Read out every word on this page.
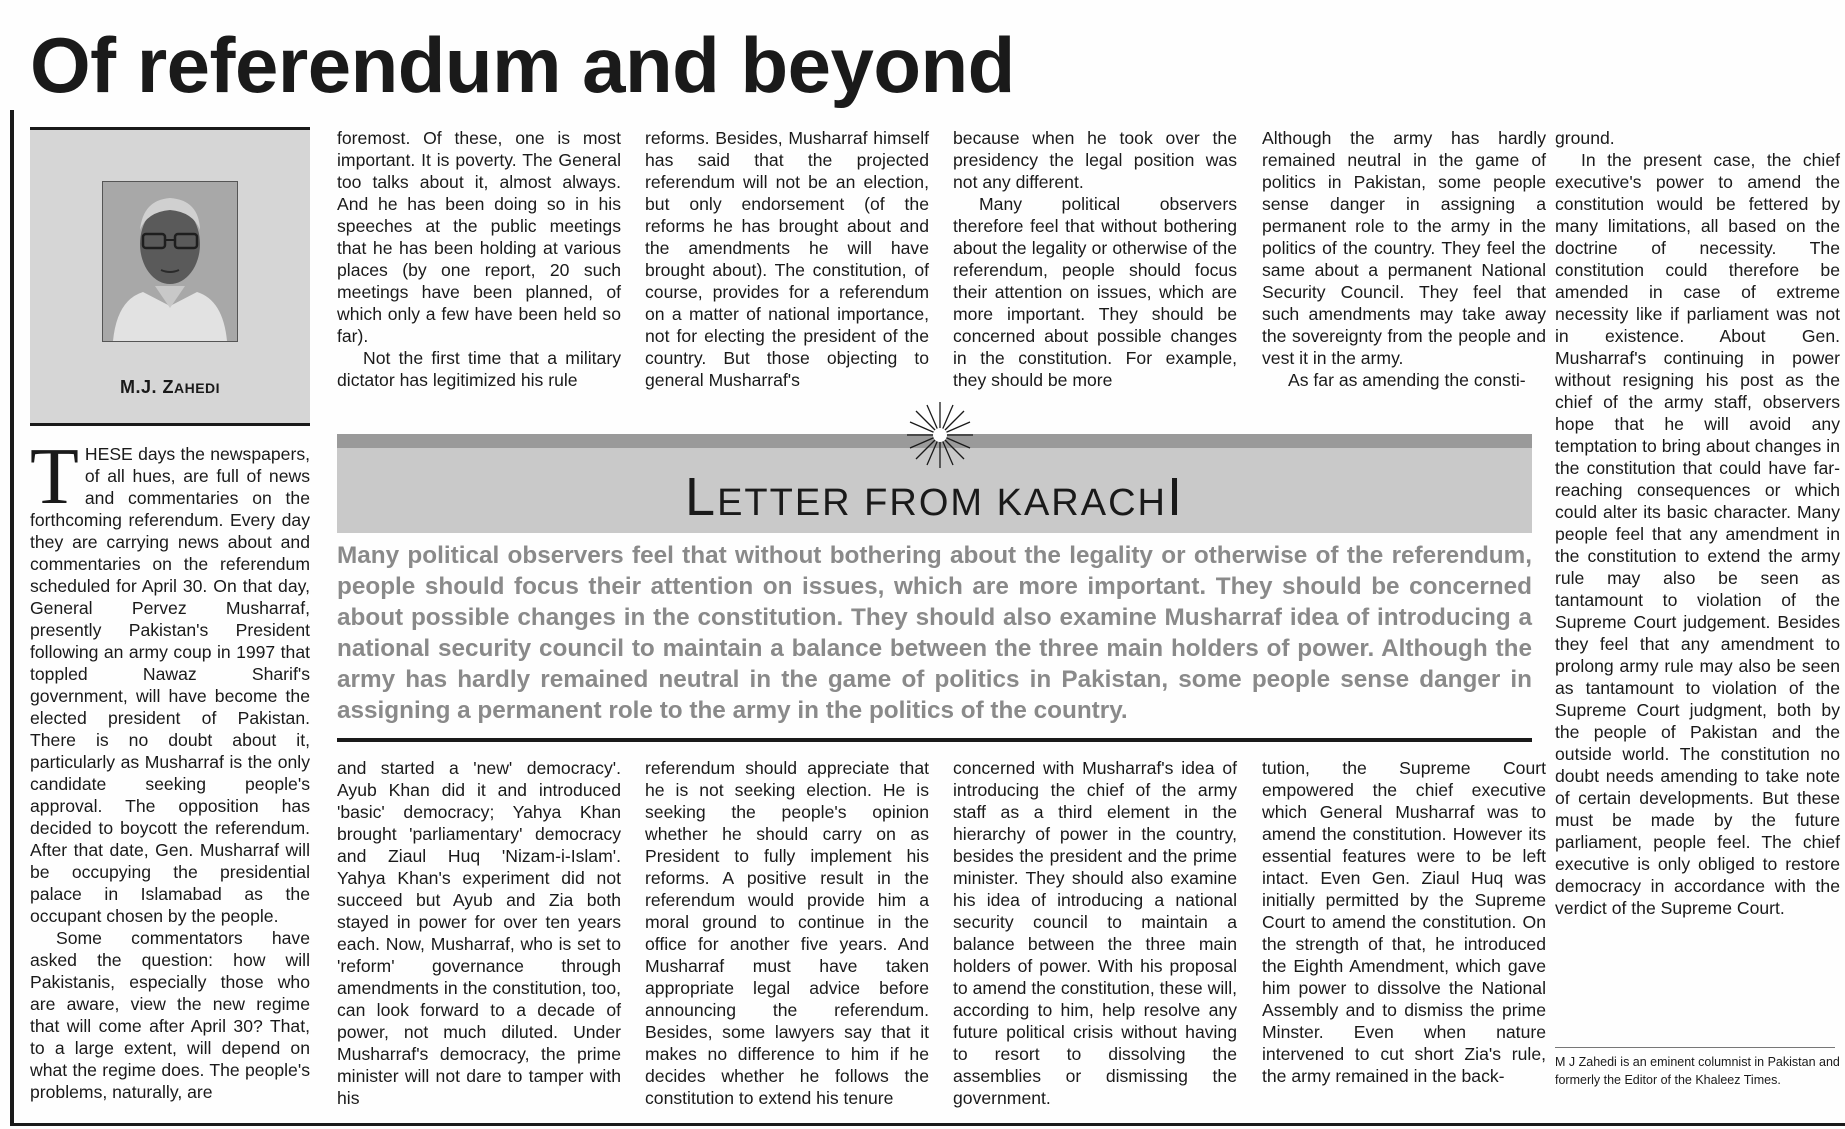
Of referendum and beyond
M.J. ZAHEDI

THESE days the newspapers, of all hues, are full of news and commentaries on the forthcoming referendum. Every day they are carrying news about and commentaries on the referendum scheduled for April 30. On that day, General Pervez Musharraf, presently Pakistan's President following an army coup in 1997 that toppled Nawaz Sharif's government, will have become the elected president of Pakistan. There is no doubt about it, particularly as Musharraf is the only candidate seeking people's approval. The opposition has decided to boycott the referendum. After that date, Gen. Musharraf will be occupying the presidential palace in Islamabad as the occupant chosen by the people.

Some commentators have asked the question: how will Pakistanis, especially those who are aware, view the new regime that will come after April 30? That, to a large extent, will depend on what the regime does. The people's problems, naturally, are

foremost. Of these, one is most important. It is poverty. The General too talks about it, almost always. And he has been doing so in his speeches at the public meetings that he has been holding at various places (by one report, 20 such meetings have been planned, of which only a few have been held so far).

Not the first time that a military dictator has legitimized his rule

reforms. Besides, Musharraf himself has said that the projected referendum will not be an election, but only endorsement (of the reforms he has brought about and the amendments he will have brought about). The constitution, of course, provides for a referendum on a matter of national importance, not for electing the president of the country. But those objecting to general Musharraf's

because when he took over the presidency the legal position was not any different.

Many political observers therefore feel that without bothering about the legality or otherwise of the referendum, people should focus their attention on issues, which are more important. They should be concerned about possible changes in the constitution. For example, they should be more

Although the army has hardly remained neutral in the game of politics in Pakistan, some people sense danger in assigning a permanent role to the army in the politics of the country. They feel the same about a permanent National Security Council. They feel that such amendments may take away the sovereignty from the people and vest it in the army.

As far as amending the consti-

LETTER FROM KARACHI

Many political observers feel that without bothering about the legality or otherwise of the referendum, people should focus their attention on issues, which are more important. They should be concerned about possible changes in the constitution. They should also examine Musharraf idea of introducing a national security council to maintain a balance between the three main holders of power. Although the army has hardly remained neutral in the game of politics in Pakistan, some people sense danger in assigning a permanent role to the army in the politics of the country.

and started a 'new' democracy'. Ayub Khan did it and introduced 'basic' democracy; Yahya Khan brought 'parliamentary' democracy and Ziaul Huq 'Nizam-i-Islam'. Yahya Khan's experiment did not succeed but Ayub and Zia both stayed in power for over ten years each. Now, Musharraf, who is set to 'reform' governance through amendments in the constitution, too, can look forward to a decade of power, not much diluted. Under Musharraf's democracy, the prime minister will not dare to tamper with his

referendum should appreciate that he is not seeking election. He is seeking the people's opinion whether he should carry on as President to fully implement his reforms. A positive result in the referendum would provide him a moral ground to continue in the office for another five years. And Musharraf must have taken appropriate legal advice before announcing the referendum. Besides, some lawyers say that it makes no difference to him if he decides whether he follows the constitution to extend his tenure

concerned with Musharraf's idea of introducing the chief of the army staff as a third element in the hierarchy of power in the country, besides the president and the prime minister. They should also examine his idea of introducing a national security council to maintain a balance between the three main holders of power. With his proposal to amend the constitution, these will, according to him, help resolve any future political crisis without having to resort to dissolving the assemblies or dismissing the government.

tution, the Supreme Court empowered the chief executive which General Musharraf was to amend the constitution. However its essential features were to be left intact. Even Gen. Ziaul Huq was initially permitted by the Supreme Court to amend the constitution. On the strength of that, he introduced the Eighth Amendment, which gave him power to dissolve the National Assembly and to dismiss the prime Minster. Even when nature intervened to cut short Zia's rule, the army remained in the back-

ground.

In the present case, the chief executive's power to amend the constitution would be fettered by many limitations, all based on the doctrine of necessity. The constitution could therefore be amended in case of extreme necessity like if parliament was not in existence. About Gen. Musharraf's continuing in power without resigning his post as the chief of the army staff, observers hope that he will avoid any temptation to bring about changes in the constitution that could have far-reaching consequences or which could alter its basic character. Many people feel that any amendment in the constitution to extend the army rule may also be seen as tantamount to violation of the Supreme Court judgement. Besides they feel that any amendment to prolong army rule may also be seen as tantamount to violation of the Supreme Court judgment, both by the people of Pakistan and the outside world. The constitution no doubt needs amending to take note of certain developments. But these must be made by the future parliament, people feel. The chief executive is only obliged to restore democracy in accordance with the verdict of the Supreme Court.

M J Zahedi is an eminent columnist in Pakistan and formerly the Editor of the Khaleez Times.
